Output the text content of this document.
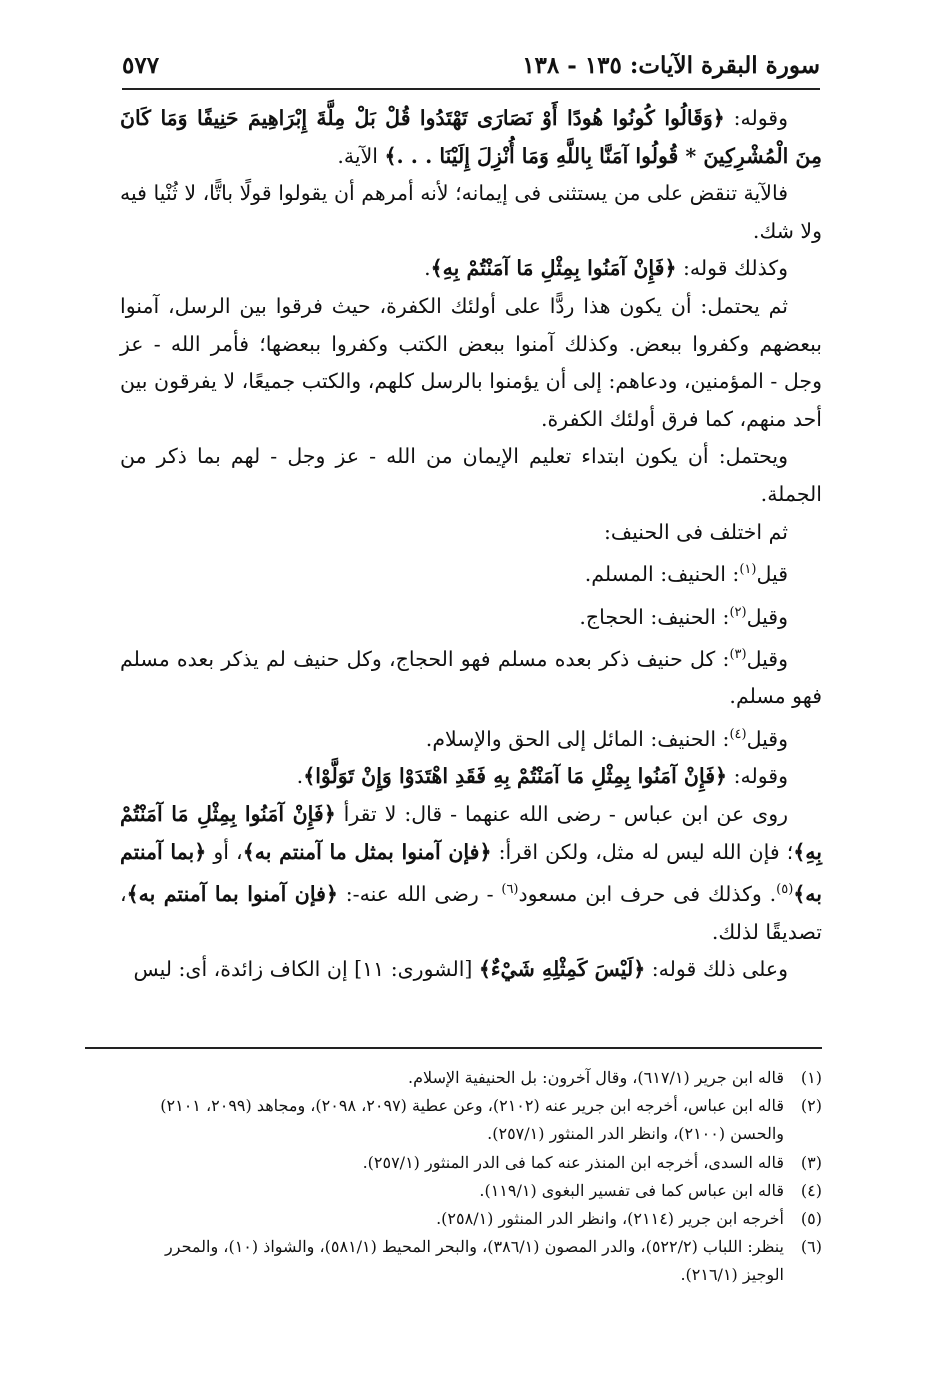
سورة البقرة الآيات: ١٣٥ - ١٣٨
٥٧٧

وقوله: ﴿وَقَالُوا كُونُوا هُودًا أَوْ نَصَارَى تَهْتَدُوا قُلْ بَلْ مِلَّةَ إِبْرَاهِيمَ حَنِيفًا وَمَا كَانَ مِنَ الْمُشْرِكِينَ * قُولُوا آمَنَّا بِاللَّهِ وَمَا أُنْزِلَ إِلَيْنَا . . .﴾ الآية.

فالآية تنقض على من يستثنى فى إيمانه؛ لأنه أمرهم أن يقولوا قولًا باتًّا، لا ثُنْيا فيه ولا شك.

وكذلك قوله: ﴿فَإِنْ آمَنُوا بِمِثْلِ مَا آمَنْتُمْ بِهِ﴾.

ثم يحتمل: أن يكون هذا ردًّا على أولئك الكفرة، حيث فرقوا بين الرسل، آمنوا ببعضهم وكفروا ببعض. وكذلك آمنوا ببعض الكتب وكفروا ببعضها؛ فأمر الله - عز وجل - المؤمنين، ودعاهم: إلى أن يؤمنوا بالرسل كلهم، والكتب جميعًا، لا يفرقون بين أحد منهم، كما فرق أولئك الكفرة.

ويحتمل: أن يكون ابتداء تعليم الإيمان من الله - عز وجل - لهم بما ذكر من الجملة.

ثم اختلف فى الحنيف:

قيل$^{(١)}$: الحنيف: المسلم.

وقيل$^{(٢)}$: الحنيف: الحجاج.

وقيل$^{(٣)}$: كل حنيف ذكر بعده مسلم فهو الحجاج، وكل حنيف لم يذكر بعده مسلم فهو مسلم.

وقيل$^{(٤)}$: الحنيف: المائل إلى الحق والإسلام.

وقوله: ﴿فَإِنْ آمَنُوا بِمِثْلِ مَا آمَنْتُمْ بِهِ فَقَدِ اهْتَدَوْا وَإِنْ تَوَلَّوْا﴾.

روى عن ابن عباس - رضى الله عنهما - قال: لا تقرأ ﴿فَإِنْ آمَنُوا بِمِثْلِ مَا آمَنْتُمْ بِهِ﴾؛ فإن الله ليس له مثل، ولكن اقرأ: ﴿فإن آمنوا بمثل ما آمنتم به﴾، أو ﴿بما آمنتم به﴾$^{(٥)}$. وكذلك فى حرف ابن مسعود$^{(٦)}$ - رضى الله عنه-: ﴿فإن آمنوا بما آمنتم به﴾، تصديقًا لذلك.

وعلى ذلك قوله: ﴿لَيْسَ كَمِثْلِهِ شَيْءٌ﴾ [الشورى: ١١] إن الكاف زائدة، أى: ليس

(١)
قاله ابن جرير (٦١٧/١)، وقال آخرون: بل الحنيفية الإسلام.
(٢)
قاله ابن عباس، أخرجه ابن جرير عنه (٢١٠٢)، وعن عطية (٢٠٩٧، ٢٠٩٨)، ومجاهد (٢٠٩٩، ٢١٠١) والحسن (٢١٠٠)، وانظر الدر المنثور (٢٥٧/١).
(٣)
قاله السدى، أخرجه ابن المنذر عنه كما فى الدر المنثور (٢٥٧/١).
(٤)
قاله ابن عباس كما فى تفسير البغوى (١١٩/١).
(٥)
أخرجه ابن جرير (٢١١٤)، وانظر الدر المنثور (٢٥٨/١).
(٦)
ينظر: اللباب (٥٢٢/٢)، والدر المصون (٣٨٦/١)، والبحر المحيط (٥٨١/١)، والشواذ (١٠)، والمحرر الوجيز (٢١٦/١).
